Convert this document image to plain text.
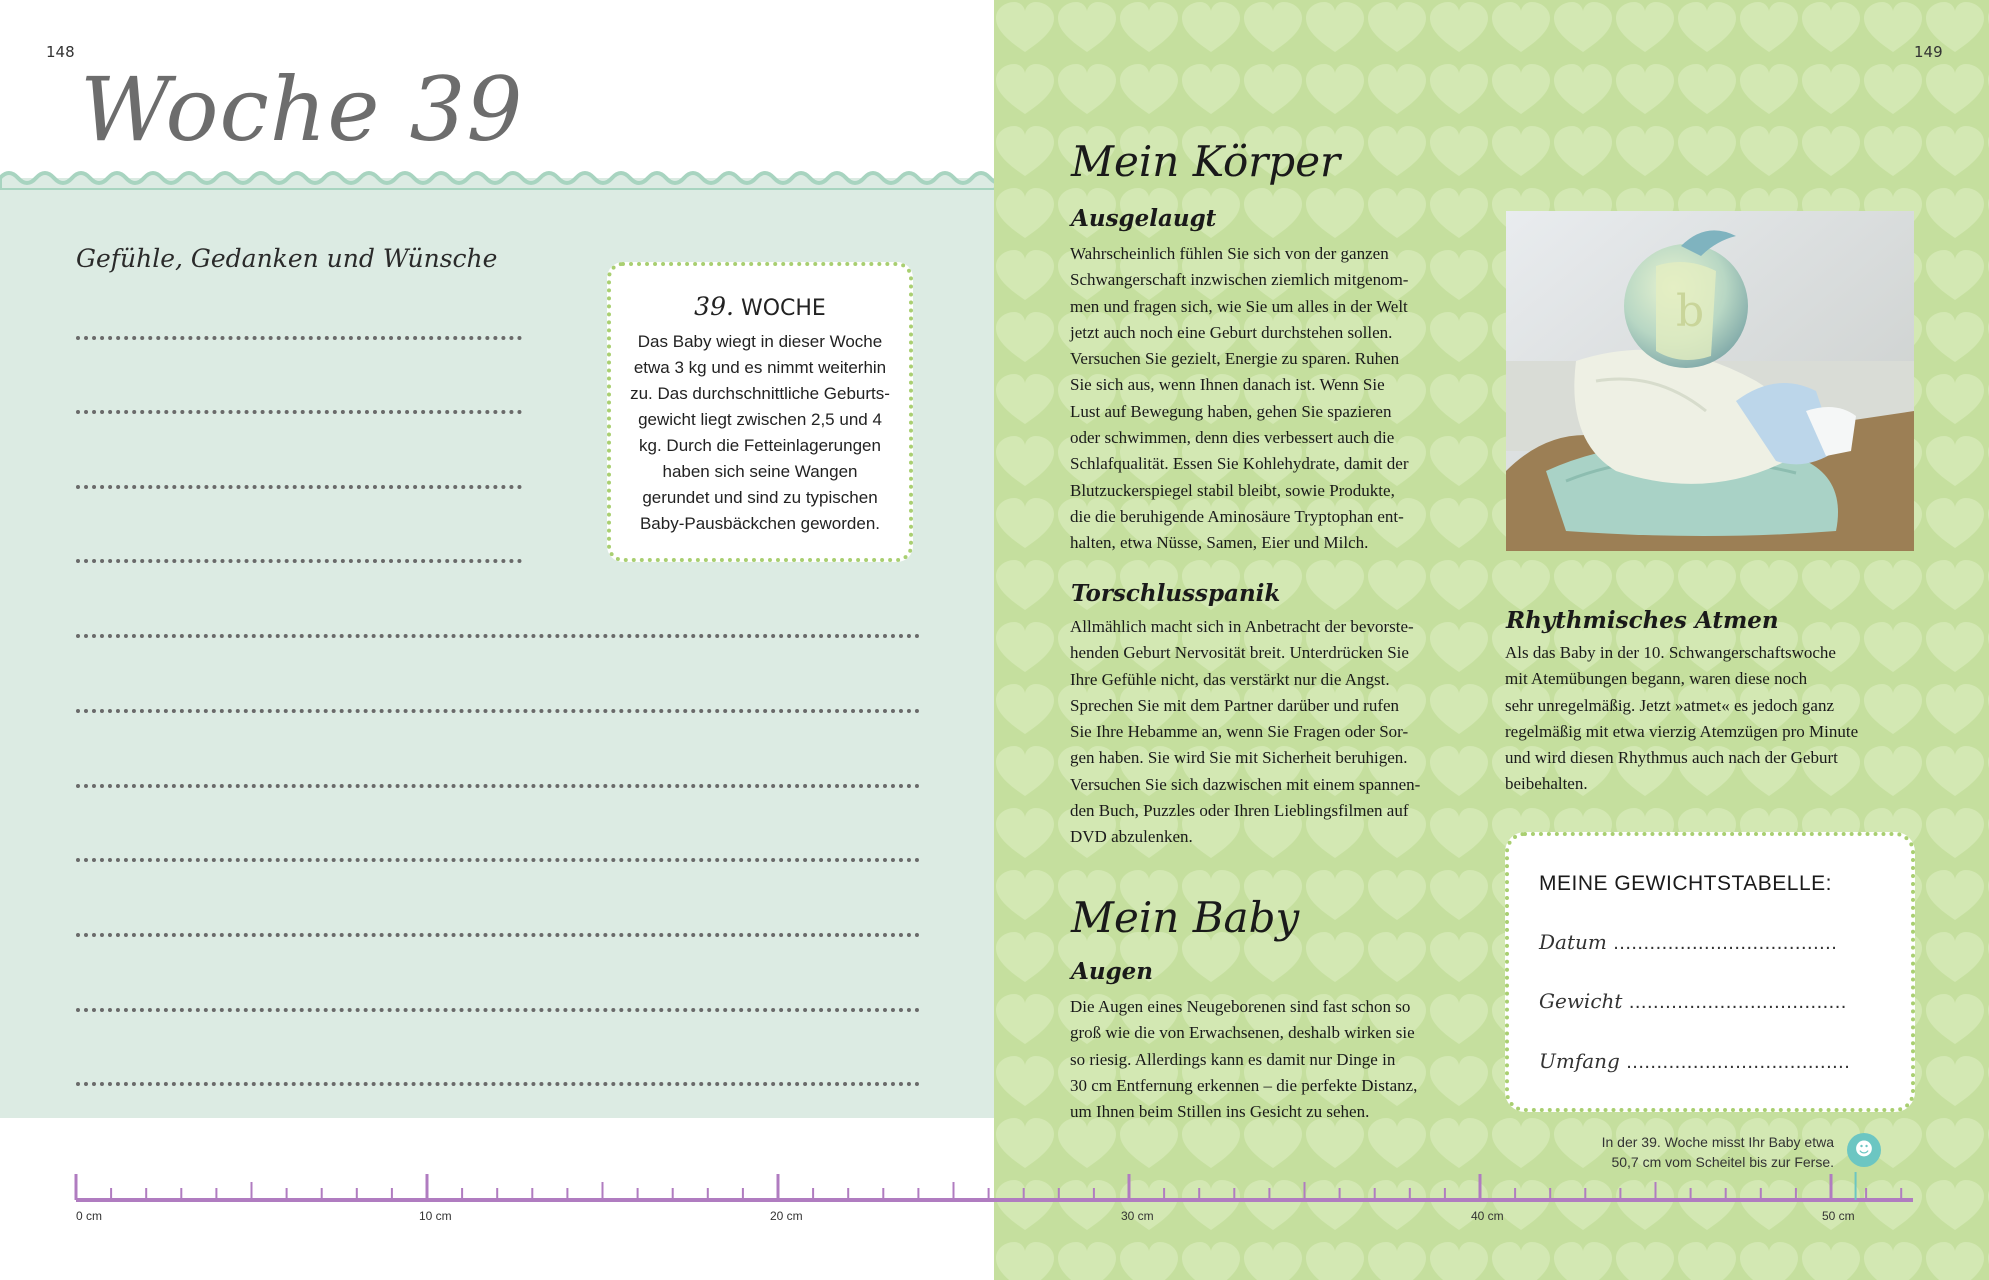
148
Woche 39
Gefühle, Gedanken und Wünsche
39. WOCHE
Das Baby wiegt in dieser Woche etwa 3 kg und es nimmt weiterhin zu. Das durchschnittliche Geburtsgewicht liegt zwischen 2,5 und 4 kg. Durch die Fetteinlagerungen haben sich seine Wangen gerundet und sind zu typischen Baby-Pausbäckchen geworden.
149
Mein Körper
Ausgelaugt
Wahrscheinlich fühlen Sie sich von der ganzen
Schwangerschaft inzwischen ziemlich mitgenom-
men und fragen sich, wie Sie um alles in der Welt
jetzt auch noch eine Geburt durchstehen sollen.
Versuchen Sie gezielt, Energie zu sparen. Ruhen
Sie sich aus, wenn Ihnen danach ist. Wenn Sie
Lust auf Bewegung haben, gehen Sie spazieren
oder schwimmen, denn dies verbessert auch die
Schlafqualität. Essen Sie Kohlehydrate, damit der
Blutzuckerspiegel stabil bleibt, sowie Produkte,
die die beruhigende Aminosäure Tryptophan ent-
halten, etwa Nüsse, Samen, Eier und Milch.
Torschlusspanik
Allmählich macht sich in Anbetracht der bevorste-
henden Geburt Nervosität breit. Unterdrücken Sie
Ihre Gefühle nicht, das verstärkt nur die Angst.
Sprechen Sie mit dem Partner darüber und rufen
Sie Ihre Hebamme an, wenn Sie Fragen oder Sor-
gen haben. Sie wird Sie mit Sicherheit beruhigen.
Versuchen Sie sich dazwischen mit einem spannen-
den Buch, Puzzles oder Ihren Lieblingsfilmen auf
DVD abzulenken.
Mein Baby
Augen
Die Augen eines Neugeborenen sind fast schon so
groß wie die von Erwachsenen, deshalb wirken sie
so riesig. Allerdings kann es damit nur Dinge in
30 cm Entfernung erkennen – die perfekte Distanz,
um Ihnen beim Stillen ins Gesicht zu sehen.
b
Rhythmisches Atmen
Als das Baby in der 10. Schwangerschaftswoche
mit Atemübungen begann, waren diese noch
sehr unregelmäßig. Jetzt »atmet« es jedoch ganz
regelmäßig mit etwa vierzig Atemzügen pro Minute
und wird diesen Rhythmus auch nach der Geburt
beibehalten.
MEINE GEWICHTSTABELLE:
Datum .....................................
Gewicht ....................................
Umfang .....................................
In der 39. Woche misst Ihr Baby etwa
50,7 cm vom Scheitel bis zur Ferse.
☻
0 cm	10 cm	20 cm	30 cm	40 cm	50 cm
